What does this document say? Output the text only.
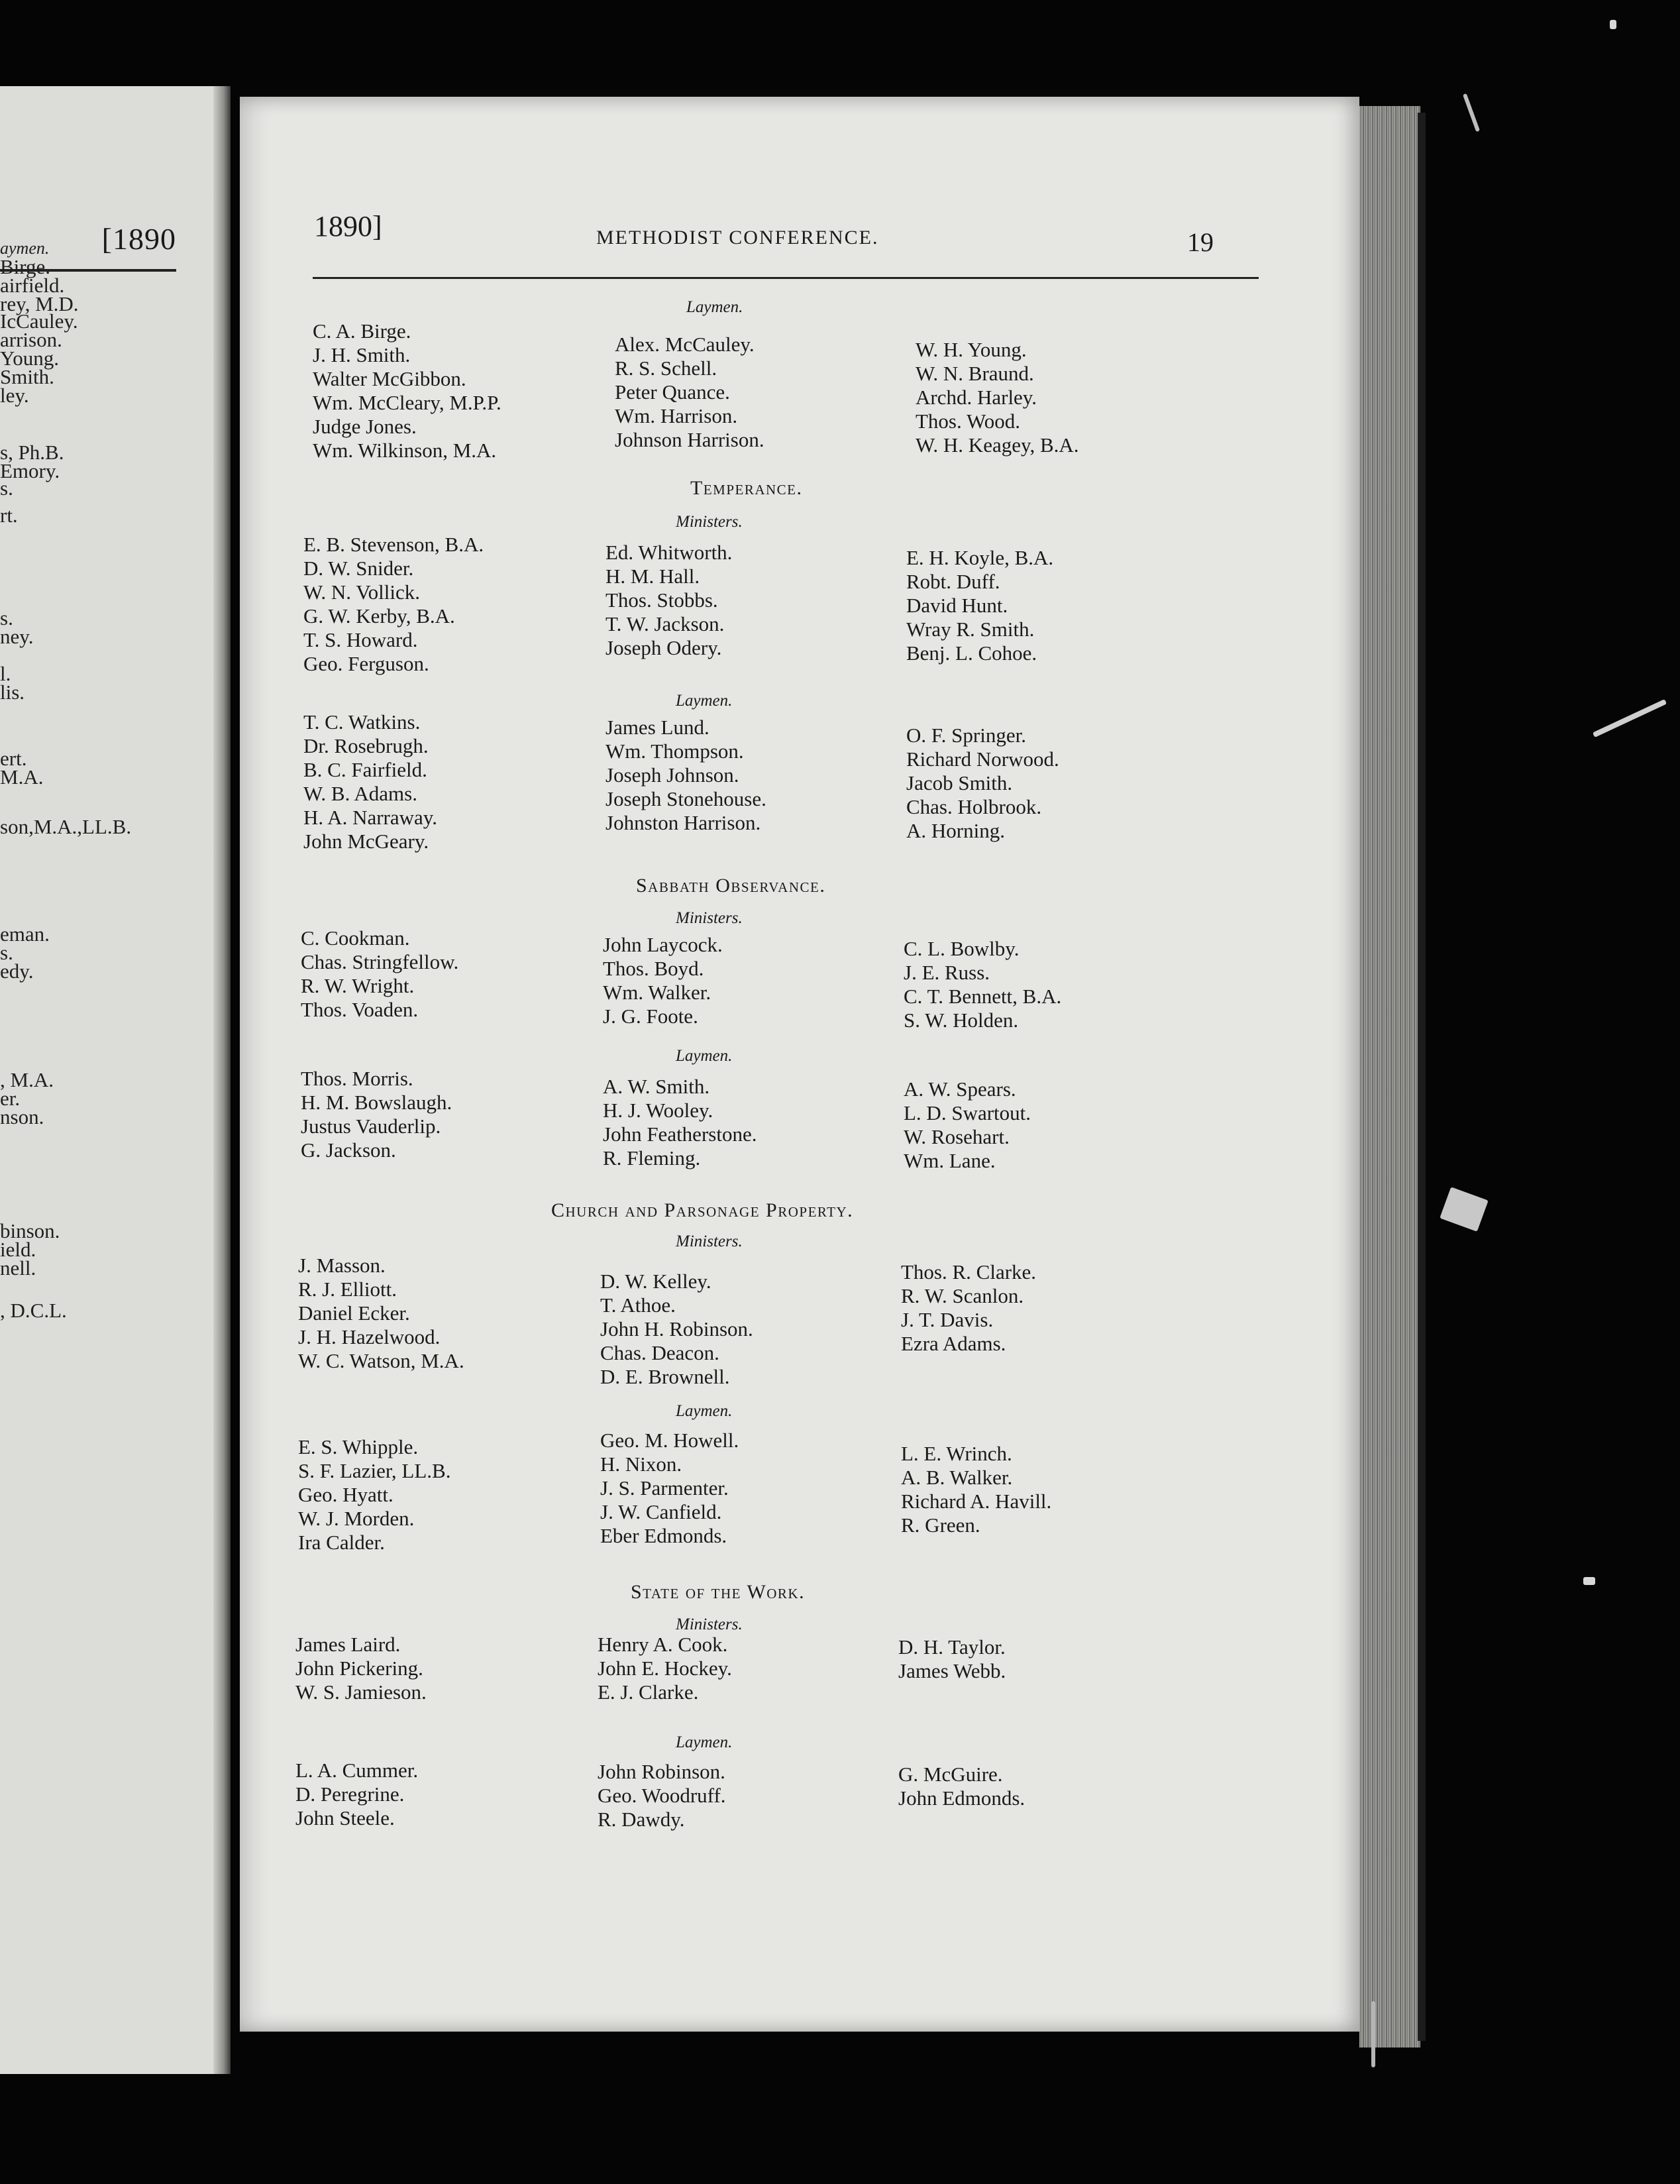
[1890
aymen.
Birge.
airfield.
rey, M.D.
IcCauley.
arrison.
Young.
Smith.
ley.
s, Ph.B.
Emory.
s.
rt.
s.
ney.
l.
lis.
ert.
M.A.
son,M.A.,LL.B.
eman.
s.
edy.
, M.A.
er.
nson.
binson.
ield.
nell.
, D.C.L.
1890]	METHODIST CONFERENCE.	19
Laymen.
C. A. Birge.
J. H. Smith.
Walter McGibbon.
Wm. McCleary, M.P.P.
Judge Jones.
Wm. Wilkinson, M.A.
Alex. McCauley.
R. S. Schell.
Peter Quance.
Wm. Harrison.
Johnson Harrison.
W. H. Young.
W. N. Braund.
Archd. Harley.
Thos. Wood.
W. H. Keagey, B.A.
Temperance.
Ministers.
E. B. Stevenson, B.A.
D. W. Snider.
W. N. Vollick.
G. W. Kerby, B.A.
T. S. Howard.
Geo. Ferguson.
Ed. Whitworth.
H. M. Hall.
Thos. Stobbs.
T. W. Jackson.
Joseph Odery.
E. H. Koyle, B.A.
Robt. Duff.
David Hunt.
Wray R. Smith.
Benj. L. Cohoe.
Laymen.
T. C. Watkins.
Dr. Rosebrugh.
B. C. Fairfield.
W. B. Adams.
H. A. Narraway.
John McGeary.
James Lund.
Wm. Thompson.
Joseph Johnson.
Joseph Stonehouse.
Johnston Harrison.
O. F. Springer.
Richard Norwood.
Jacob Smith.
Chas. Holbrook.
A. Horning.
Sabbath Observance.
Ministers.
C. Cookman.
Chas. Stringfellow.
R. W. Wright.
Thos. Voaden.
John Laycock.
Thos. Boyd.
Wm. Walker.
J. G. Foote.
C. L. Bowlby.
J. E. Russ.
C. T. Bennett, B.A.
S. W. Holden.
Laymen.
Thos. Morris.
H. M. Bowslaugh.
Justus Vauderlip.
G. Jackson.
A. W. Smith.
H. J. Wooley.
John Featherstone.
R. Fleming.
A. W. Spears.
L. D. Swartout.
W. Rosehart.
Wm. Lane.
Church and Parsonage Property.
Ministers.
J. Masson.
R. J. Elliott.
Daniel Ecker.
J. H. Hazelwood.
W. C. Watson, M.A.
D. W. Kelley.
T. Athoe.
John H. Robinson.
Chas. Deacon.
D. E. Brownell.
Thos. R. Clarke.
R. W. Scanlon.
J. T. Davis.
Ezra Adams.
Laymen.
E. S. Whipple.
S. F. Lazier, LL.B.
Geo. Hyatt.
W. J. Morden.
Ira Calder.
Geo. M. Howell.
H. Nixon.
J. S. Parmenter.
J. W. Canfield.
Eber Edmonds.
L. E. Wrinch.
A. B. Walker.
Richard A. Havill.
R. Green.
State of the Work.
Ministers.
James Laird.
John Pickering.
W. S. Jamieson.
Henry A. Cook.
John E. Hockey.
E. J. Clarke.
D. H. Taylor.
James Webb.
Laymen.
L. A. Cummer.
D. Peregrine.
John Steele.
John Robinson.
Geo. Woodruff.
R. Dawdy.
G. McGuire.
John Edmonds.
